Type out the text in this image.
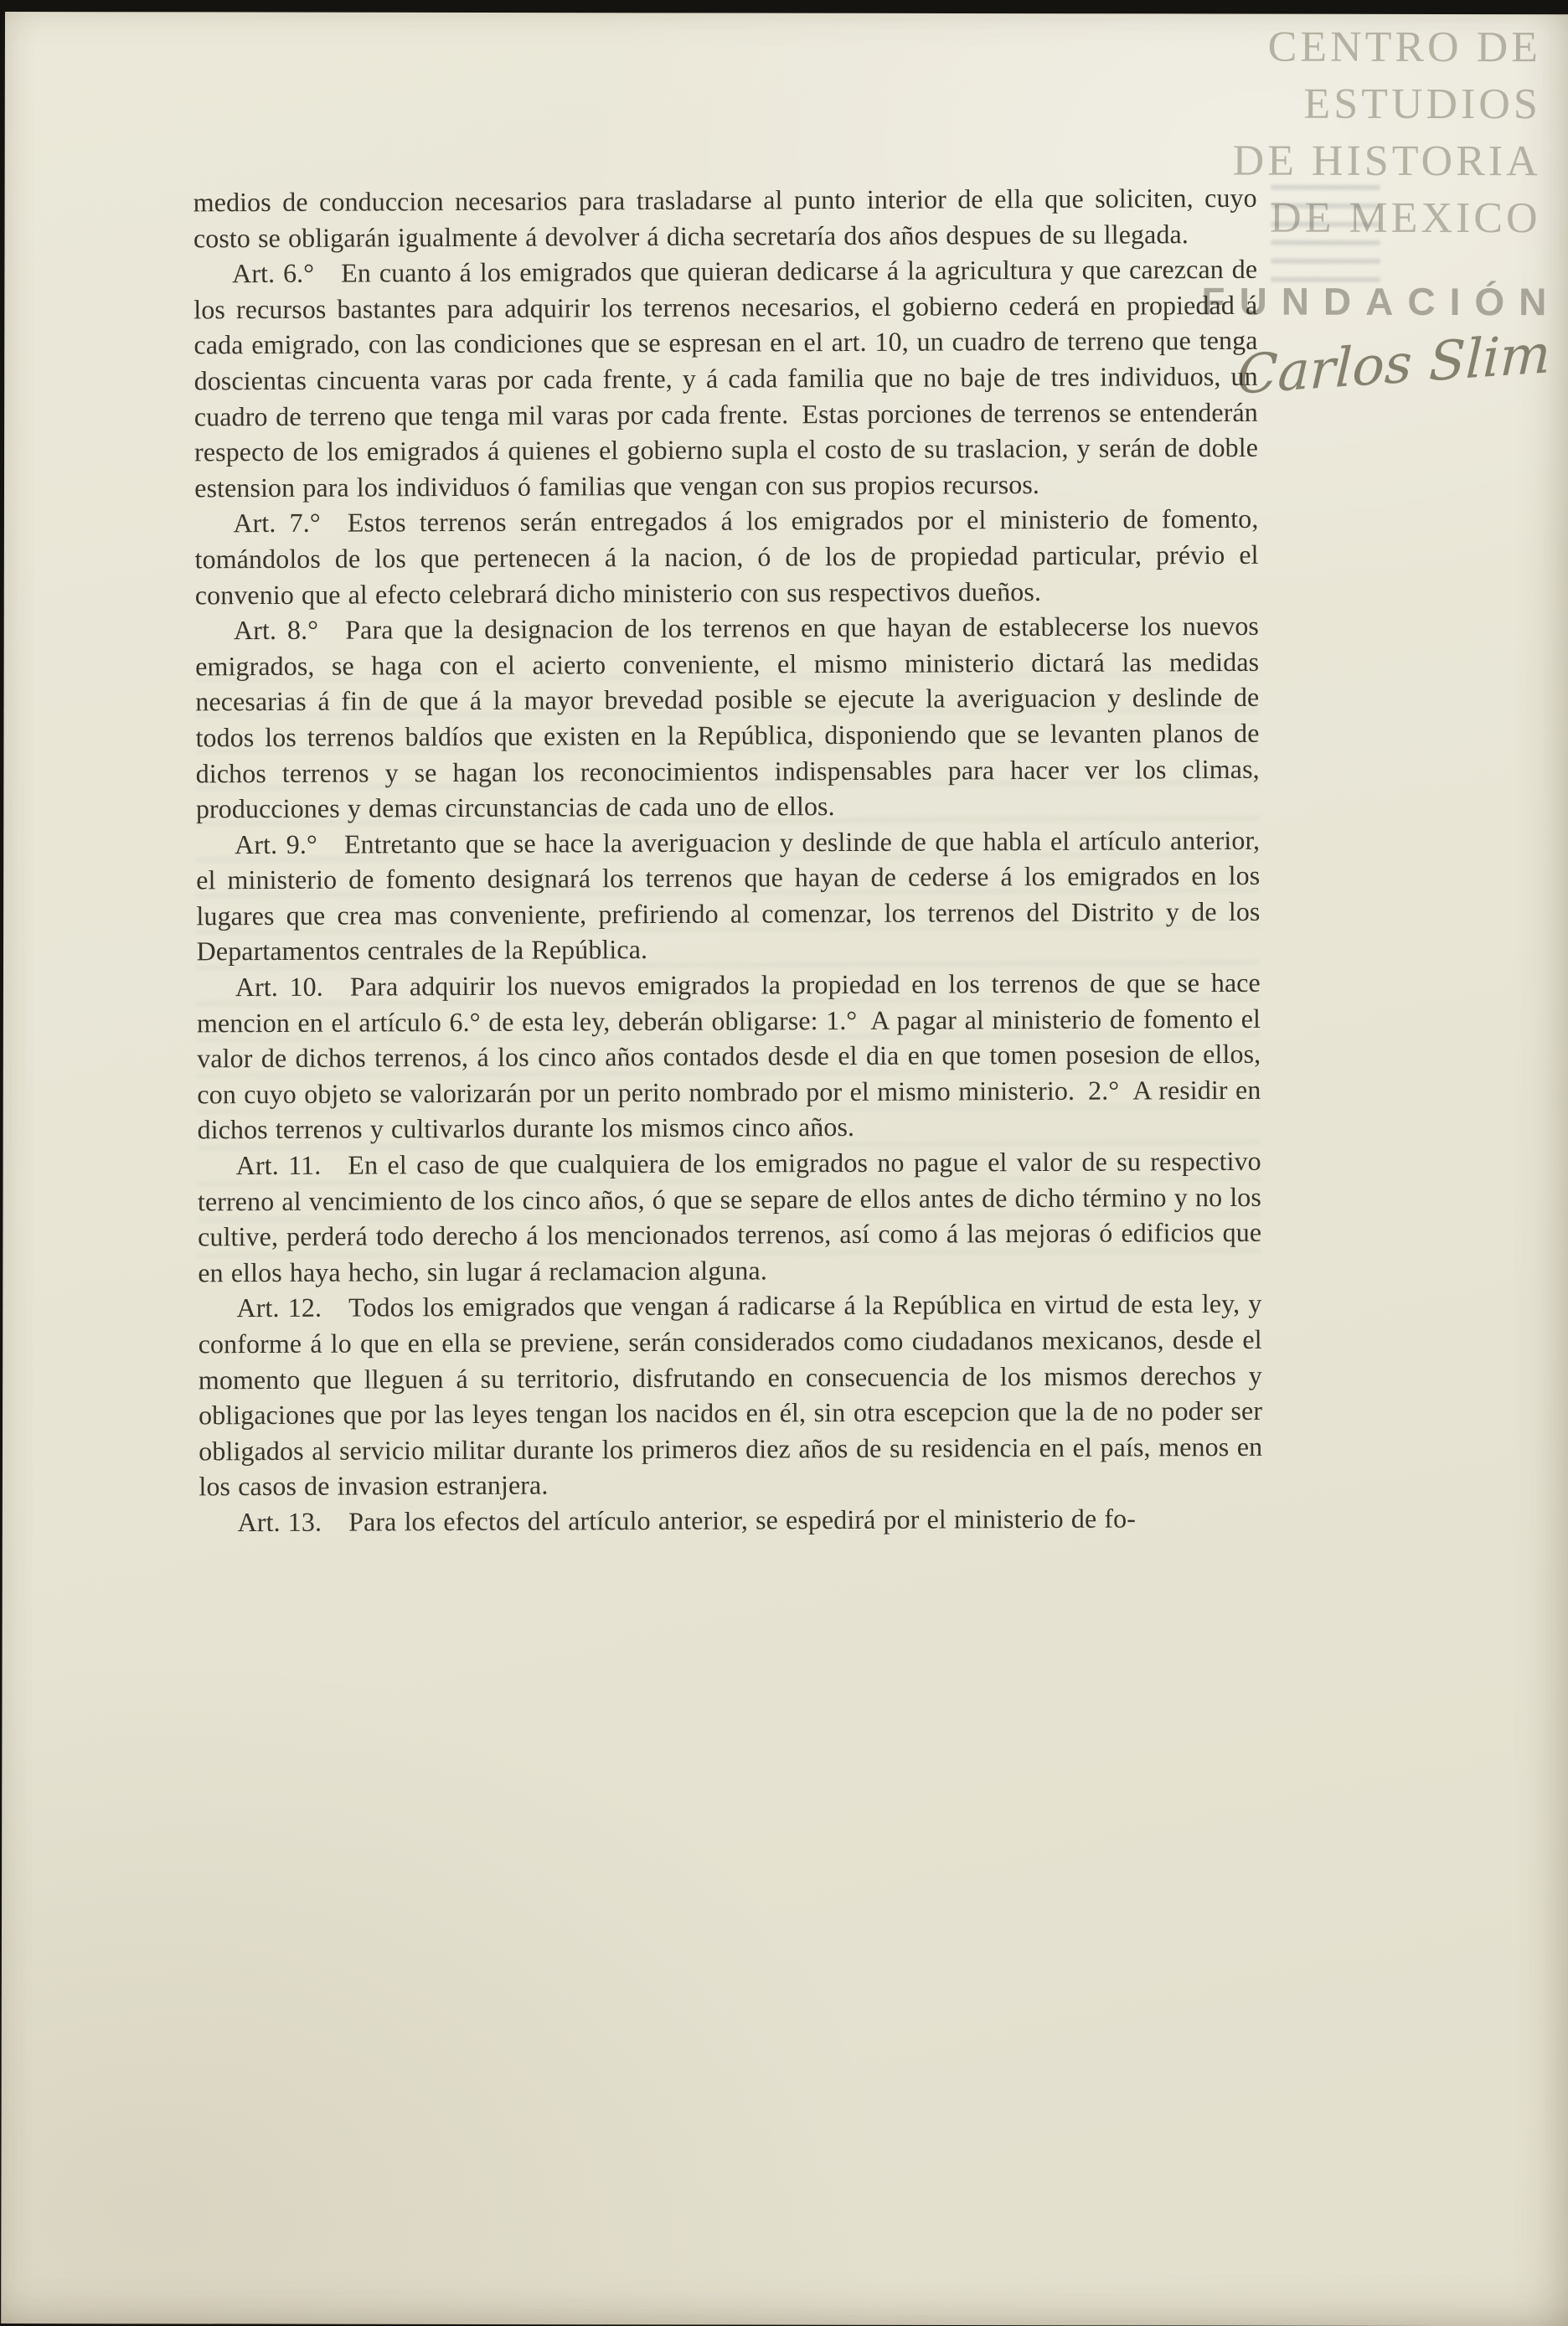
CENTRO DE
ESTUDIOS
DE HISTORIA
DE MEXICO
FUNDACIÓN
Carlos Slim

medios de conduccion necesarios para trasladarse al punto interior de ella que soliciten, cuyo costo se obligarán igualmente á devolver á dicha secretaría dos años despues de su llegada.

Art. 6.° En cuanto á los emigrados que quieran dedicarse á la agricultura y que carezcan de los recursos bastantes para adquirir los terrenos necesarios, el gobierno cederá en propiedad á cada emigrado, con las condiciones que se espresan en el art. 10, un cuadro de terreno que tenga doscientas cincuenta varas por cada frente, y á cada familia que no baje de tres individuos, un cuadro de terreno que tenga mil varas por cada frente. Estas porciones de terrenos se entenderán respecto de los emigrados á quienes el gobierno supla el costo de su traslacion, y serán de doble estension para los individuos ó familias que vengan con sus propios recursos.

Art. 7.° Estos terrenos serán entregados á los emigrados por el ministerio de fomento, tomándolos de los que pertenecen á la nacion, ó de los de propiedad particular, prévio el convenio que al efecto celebrará dicho ministerio con sus respectivos dueños.

Art. 8.° Para que la designacion de los terrenos en que hayan de establecerse los nuevos emigrados, se haga con el acierto conveniente, el mismo ministerio dictará las medidas necesarias á fin de que á la mayor brevedad posible se ejecute la averiguacion y deslinde de todos los terrenos baldíos que existen en la República, disponiendo que se levanten planos de dichos terrenos y se hagan los reconocimientos indispensables para hacer ver los climas, producciones y demas circunstancias de cada uno de ellos.

Art. 9.° Entretanto que se hace la averiguacion y deslinde de que habla el artículo anterior, el ministerio de fomento designará los terrenos que hayan de cederse á los emigrados en los lugares que crea mas conveniente, prefiriendo al comenzar, los terrenos del Distrito y de los Departamentos centrales de la República.

Art. 10. Para adquirir los nuevos emigrados la propiedad en los terrenos de que se hace mencion en el artículo 6.° de esta ley, deberán obligarse: 1.° A pagar al ministerio de fomento el valor de dichos terrenos, á los cinco años contados desde el dia en que tomen posesion de ellos, con cuyo objeto se valorizarán por un perito nombrado por el mismo ministerio. 2.° A residir en dichos terrenos y cultivarlos durante los mismos cinco años.

Art. 11. En el caso de que cualquiera de los emigrados no pague el valor de su respectivo terreno al vencimiento de los cinco años, ó que se separe de ellos antes de dicho término y no los cultive, perderá todo derecho á los mencionados terrenos, así como á las mejoras ó edificios que en ellos haya hecho, sin lugar á reclamacion alguna.

Art. 12. Todos los emigrados que vengan á radicarse á la República en virtud de esta ley, y conforme á lo que en ella se previene, serán considerados como ciudadanos mexicanos, desde el momento que lleguen á su territorio, disfrutando en consecuencia de los mismos derechos y obligaciones que por las leyes tengan los nacidos en él, sin otra escepcion que la de no poder ser obligados al servicio militar durante los primeros diez años de su residencia en el país, menos en los casos de invasion estranjera.

Art. 13. Para los efectos del artículo anterior, se espedirá por el ministerio de fo-
